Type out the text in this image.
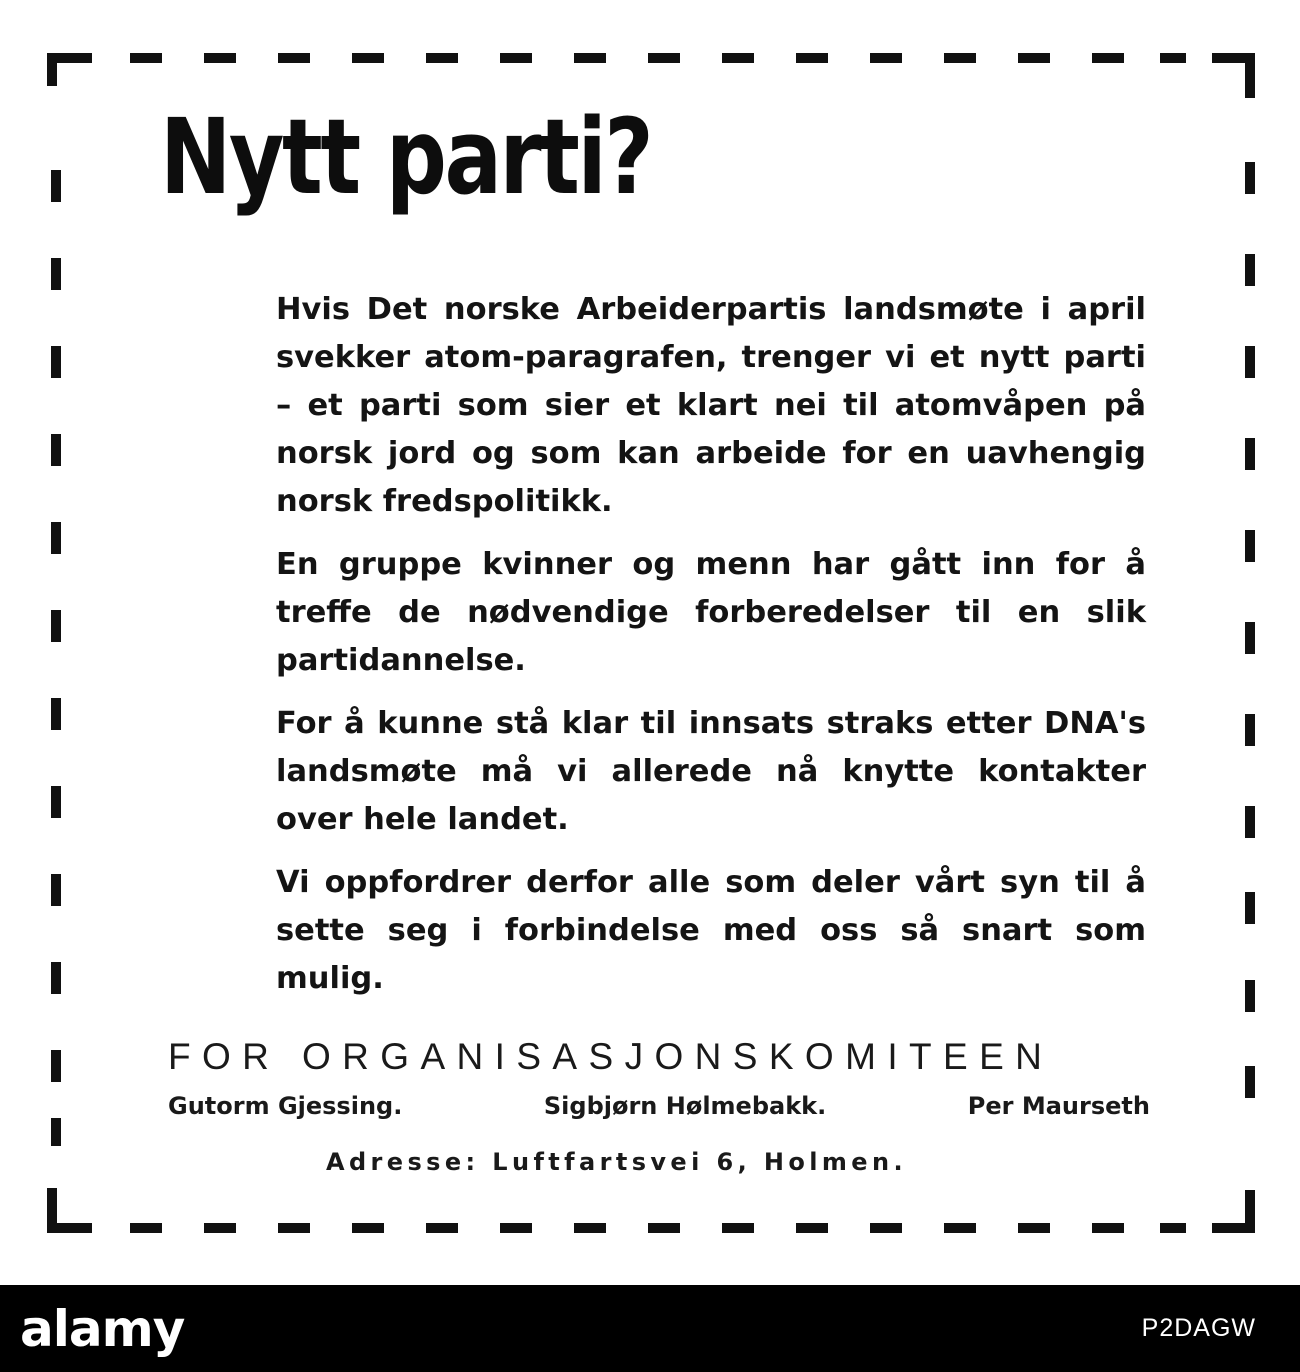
Nytt parti?

Hvis Det norske Arbeiderpartis landsmøte i april svekker atom-paragrafen, trenger vi et nytt parti – et parti som sier et klart nei til atomvåpen på norsk jord og som kan arbeide for en uavhengig norsk fredspolitikk.

En gruppe kvinner og menn har gått inn for å treffe de nødvendige forberedelser til en slik partidannelse.

For å kunne stå klar til innsats straks etter DNA's landsmøte må vi allerede nå knytte kontakter over hele landet.

Vi oppfordrer derfor alle som deler vårt syn til å sette seg i forbindelse med oss så snart som mulig.

FOR ORGANISASJONSKOMITEEN
Gutorm Gjessing.	Sigbjørn Hølmebakk.	Per Maurseth
Adresse: Luftfartsvei 6, Holmen.
alamy	P2DAGW
